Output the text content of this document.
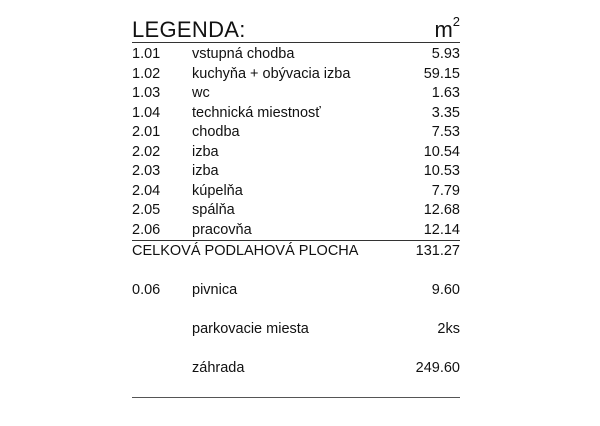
LEGENDA:	$m^2$
1.01 vstupná chodba	5.93
1.02 kuchyňa + obývacia izba	59.15
1.03 wc	1.63
1.04 technická miestnosť	3.35
2.01 chodba	7.53
2.02 izba	10.54
2.03 izba	10.53
2.04 kúpelňa	7.79
2.05 spálňa	12.68
2.06 pracovňa	12.14
CELKOVÁ PODLAHOVÁ PLOCHA	131.27
0.06 pivnica	9.60
parkovacie miesta	2ks
záhrada	249.60
